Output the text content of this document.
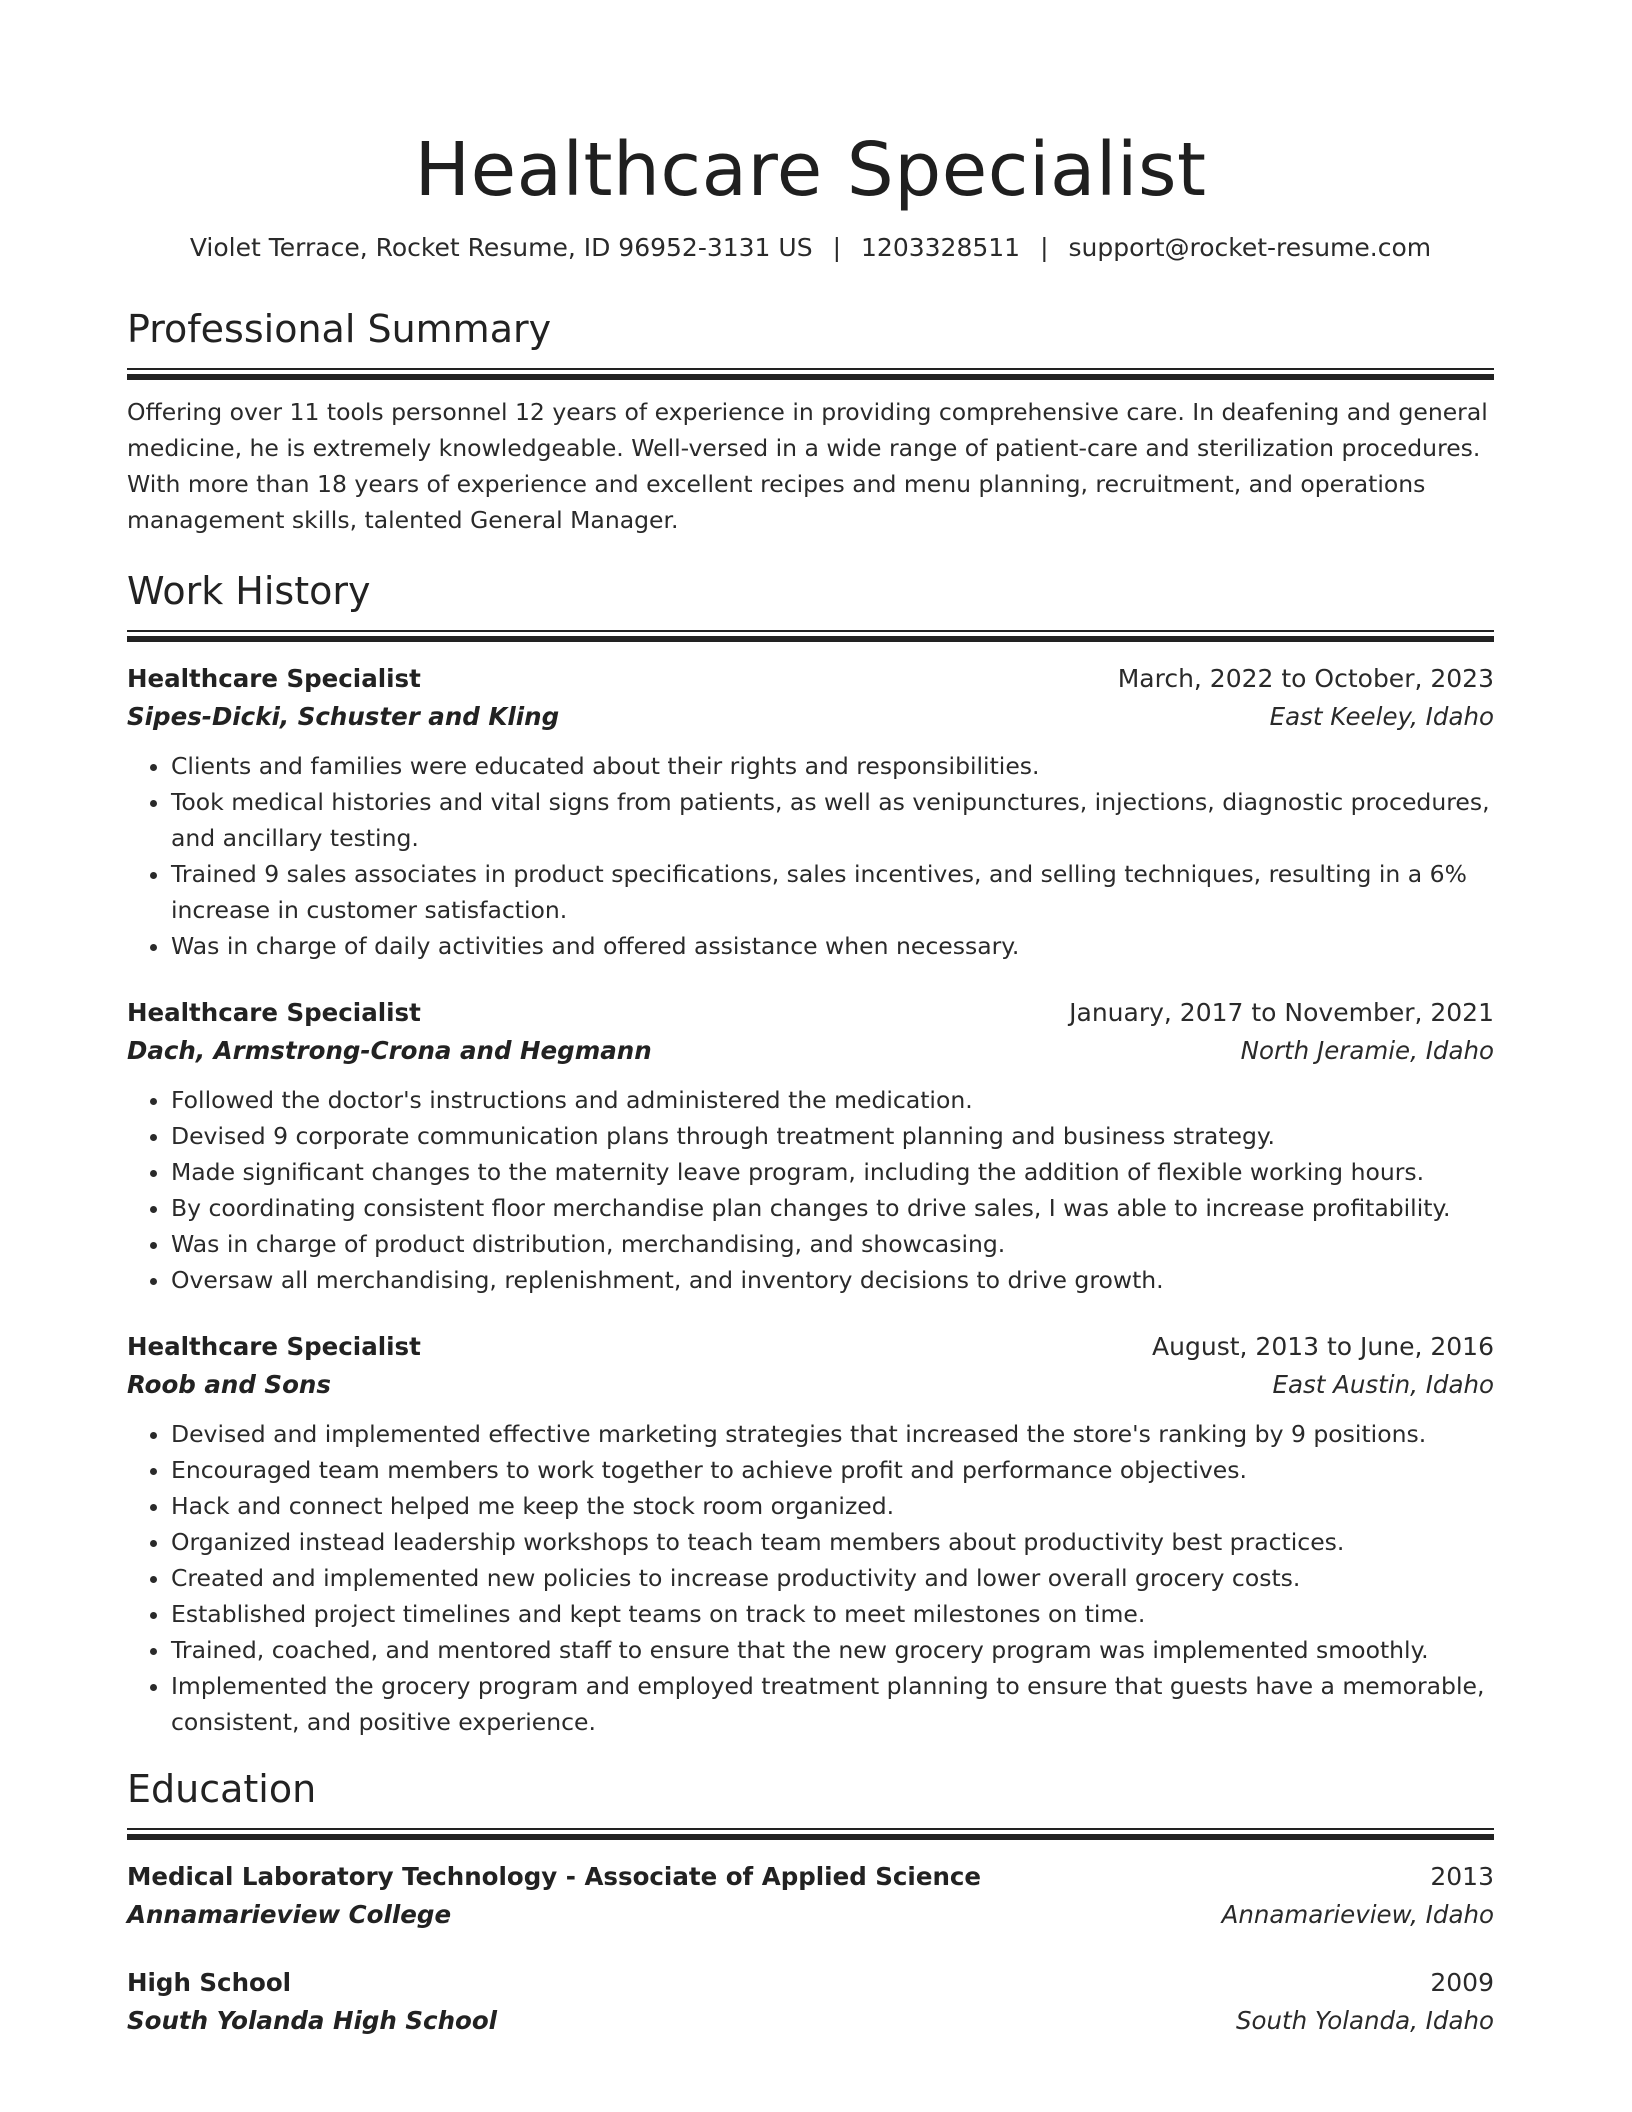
Healthcare Specialist
Violet Terrace, Rocket Resume, ID 96952-3131 US | 1203328511 | support@rocket-resume.com
Professional Summary
Offering over 11 tools personnel 12 years of experience in providing comprehensive care. In deafening and general medicine, he is extremely knowledgeable. Well-versed in a wide range of patient-care and sterilization procedures. With more than 18 years of experience and excellent recipes and menu planning, recruitment, and operations management skills, talented General Manager.
Work History
Healthcare Specialist	March, 2022 to October, 2023
Sipes-Dicki, Schuster and Kling	East Keeley, Idaho
• Clients and families were educated about their rights and responsibilities.
• Took medical histories and vital signs from patients, as well as venipunctures, injections, diagnostic procedures, and ancillary testing.
• Trained 9 sales associates in product specifications, sales incentives, and selling techniques, resulting in a 6% increase in customer satisfaction.
• Was in charge of daily activities and offered assistance when necessary.
Healthcare Specialist	January, 2017 to November, 2021
Dach, Armstrong-Crona and Hegmann	North Jeramie, Idaho
• Followed the doctor's instructions and administered the medication.
• Devised 9 corporate communication plans through treatment planning and business strategy.
• Made significant changes to the maternity leave program, including the addition of flexible working hours.
• By coordinating consistent floor merchandise plan changes to drive sales, I was able to increase profitability.
• Was in charge of product distribution, merchandising, and showcasing.
• Oversaw all merchandising, replenishment, and inventory decisions to drive growth.
Healthcare Specialist	August, 2013 to June, 2016
Roob and Sons	East Austin, Idaho
• Devised and implemented effective marketing strategies that increased the store's ranking by 9 positions.
• Encouraged team members to work together to achieve profit and performance objectives.
• Hack and connect helped me keep the stock room organized.
• Organized instead leadership workshops to teach team members about productivity best practices.
• Created and implemented new policies to increase productivity and lower overall grocery costs.
• Established project timelines and kept teams on track to meet milestones on time.
• Trained, coached, and mentored staff to ensure that the new grocery program was implemented smoothly.
• Implemented the grocery program and employed treatment planning to ensure that guests have a memorable, consistent, and positive experience.
Education
Medical Laboratory Technology - Associate of Applied Science	2013
Annamarieview College	Annamarieview, Idaho
High School	2009
South Yolanda High School	South Yolanda, Idaho
